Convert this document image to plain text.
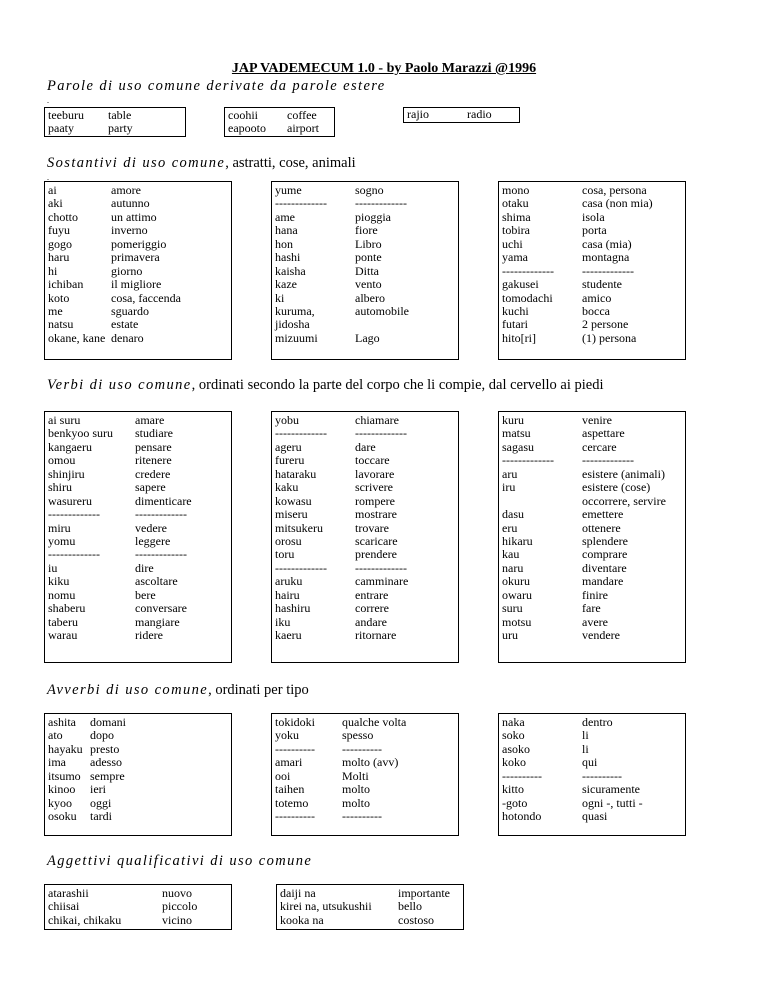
JAP VADEMECUM 1.0 - by Paolo Marazzi @1996
Parole di uso comune derivate da parole estere
.
teeburu
paaty
table
party
coohii
eapooto
coffee
airport
rajio	radio
Sostantivi di uso comune, astratti, cose, animali
.
ai
aki
chotto
fuyu
gogo
haru
hi
ichiban
koto
me
natsu
okane, kane
amore
autunno
un attimo
inverno
pomeriggio
primavera
giorno
il migliore
cosa, faccenda
sguardo
estate
denaro
yume
-------------
ame
hana
hon
hashi
kaisha
kaze
ki
kuruma,
jidosha
mizuumi
sogno
-------------
pioggia
fiore
Libro
ponte
Ditta
vento
albero
automobile
Lago
mono
otaku
shima
tobira
uchi
yama
-------------
gakusei
tomodachi
kuchi
futari
hito[ri]
cosa, persona
casa (non mia)
isola
porta
casa (mia)
montagna
-------------
studente
amico
bocca
2 persone
(1) persona
Verbi di uso comune, ordinati secondo la parte del corpo che li compie, dal cervello ai piedi
ai suru
benkyoo suru
kangaeru
omou
shinjiru
shiru
wasureru
-------------
miru
yomu
-------------
iu
kiku
nomu
shaberu
taberu
warau
amare
studiare
pensare
ritenere
credere
sapere
dimenticare
-------------
vedere
leggere
-------------
dire
ascoltare
bere
conversare
mangiare
ridere
yobu
-------------
ageru
fureru
hataraku
kaku
kowasu
miseru
mitsukeru
orosu
toru
-------------
aruku
hairu
hashiru
iku
kaeru
chiamare
-------------
dare
toccare
lavorare
scrivere
rompere
mostrare
trovare
scaricare
prendere
-------------
camminare
entrare
correre
andare
ritornare
kuru
matsu
sagasu
-------------
aru
iru
dasu
eru
hikaru
kau
naru
okuru
owaru
suru
motsu
uru
venire
aspettare
cercare
-------------
esistere (animali)
esistere (cose)
occorrere, servire
emettere
ottenere
splendere
comprare
diventare
mandare
finire
fare
avere
vendere
Avverbi di uso comune, ordinati per tipo
ashita
ato
hayaku
ima
itsumo
kinoo
kyoo
osoku
domani
dopo
presto
adesso
sempre
ieri
oggi
tardi
tokidoki
yoku
----------
amari
ooi
taihen
totemo
----------
qualche volta
spesso
----------
molto (avv)
Molti
molto
molto
----------
naka
soko
asoko
koko
----------
kitto
-goto
hotondo
dentro
li
li
qui
----------
sicuramente
ogni -, tutti -
quasi
Aggettivi qualificativi di uso comune
atarashii
chiisai
chikai, chikaku
nuovo
piccolo
vicino
daiji na
kirei na, utsukushii
kooka na
importante
bello
costoso
